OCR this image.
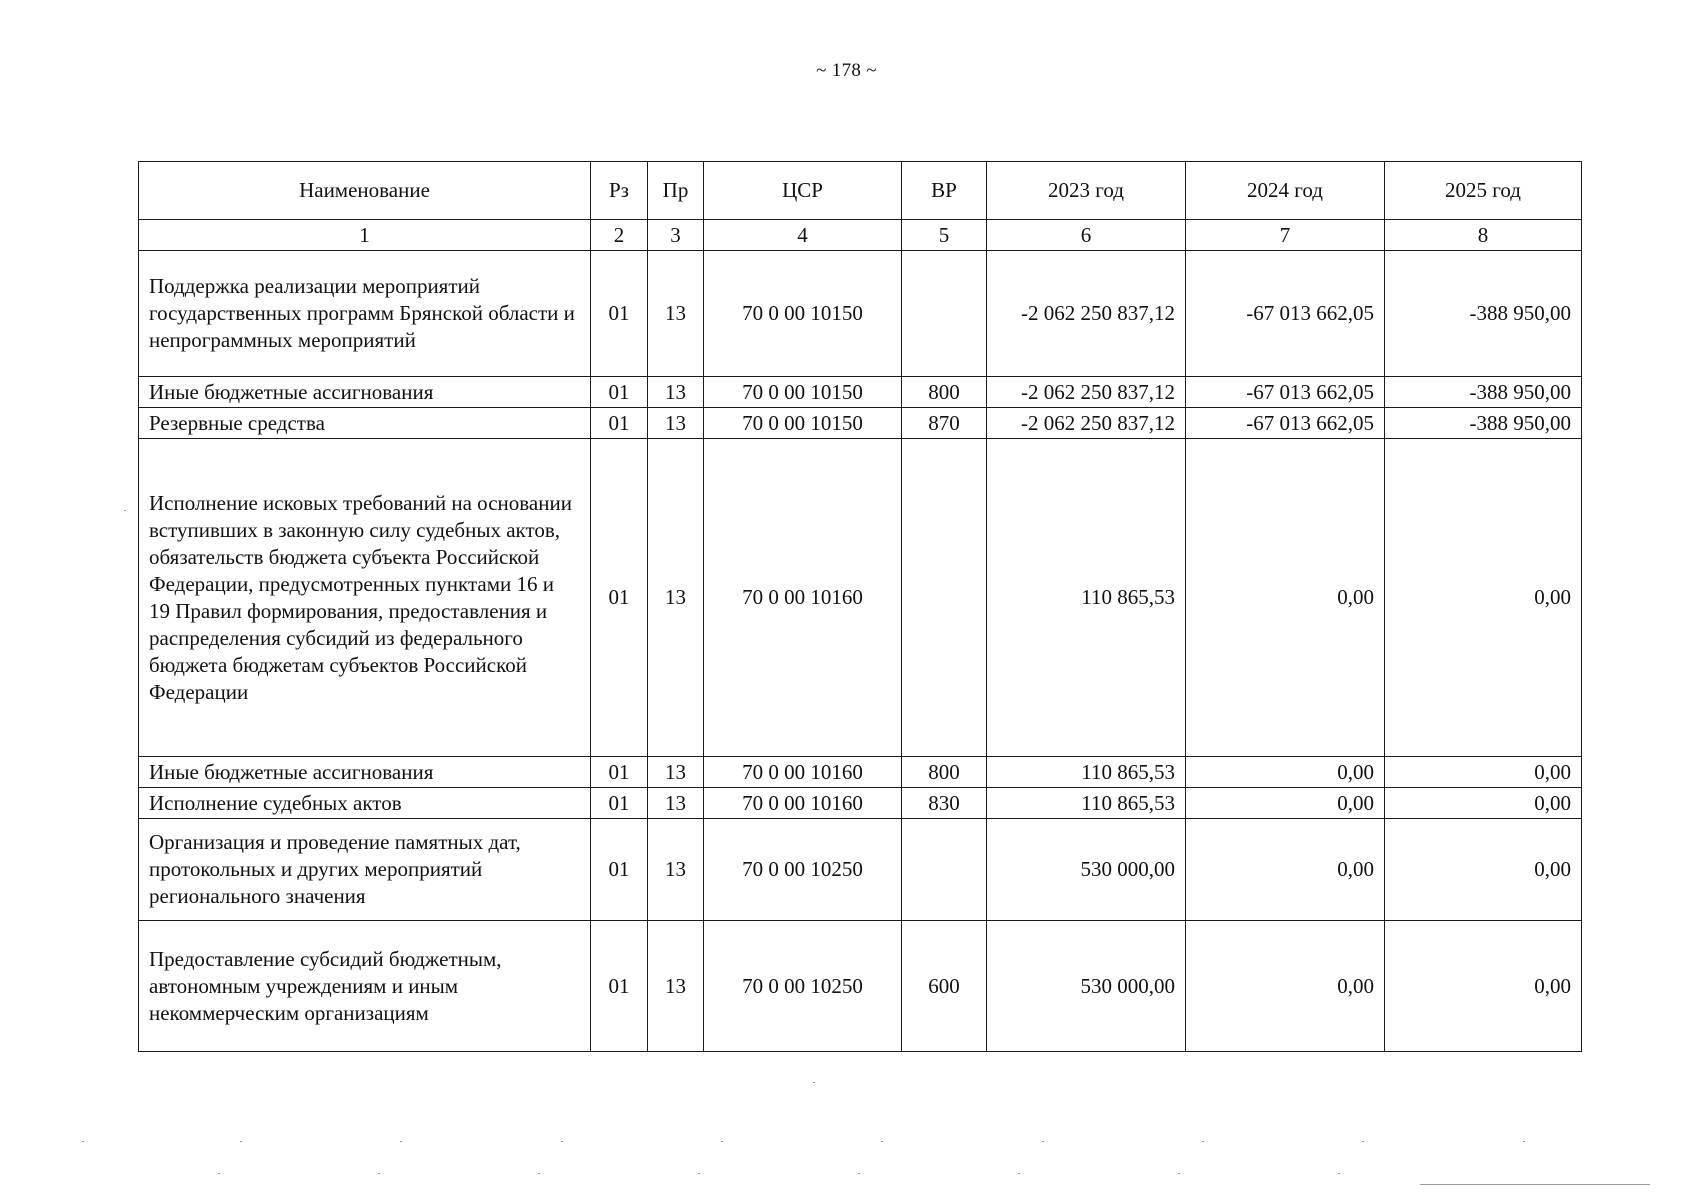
~ 178 ~
Наименование	Рз	Пр	ЦСР	ВР	2023 год	2024 год	2025 год
1	2	3	4	5	6	7	8
Поддержка реализации мероприятий государственных программ Брянской области и непрограммных мероприятий	01	13	70 0 00 10150		-2 062 250 837,12	-67 013 662,05	-388 950,00
Иные бюджетные ассигнования	01	13	70 0 00 10150	800	-2 062 250 837,12	-67 013 662,05	-388 950,00
Резервные средства	01	13	70 0 00 10150	870	-2 062 250 837,12	-67 013 662,05	-388 950,00
Исполнение исковых требований на основании вступивших в законную силу судебных актов, обязательств бюджета субъекта Российской Федерации, предусмотренных пунктами 16 и 19 Правил формирования, предоставления и распределения субсидий из федерального бюджета бюджетам субъектов Российской Федерации	01	13	70 0 00 10160		110 865,53	0,00	0,00
Иные бюджетные ассигнования	01	13	70 0 00 10160	800	110 865,53	0,00	0,00
Исполнение судебных актов	01	13	70 0 00 10160	830	110 865,53	0,00	0,00
Организация и проведение памятных дат, протокольных и других мероприятий регионального значения	01	13	70 0 00 10250		530 000,00	0,00	0,00
Предоставление субсидий бюджетным, автономным учреждениям и иным некоммерческим организациям	01	13	70 0 00 10250	600	530 000,00	0,00	0,00
